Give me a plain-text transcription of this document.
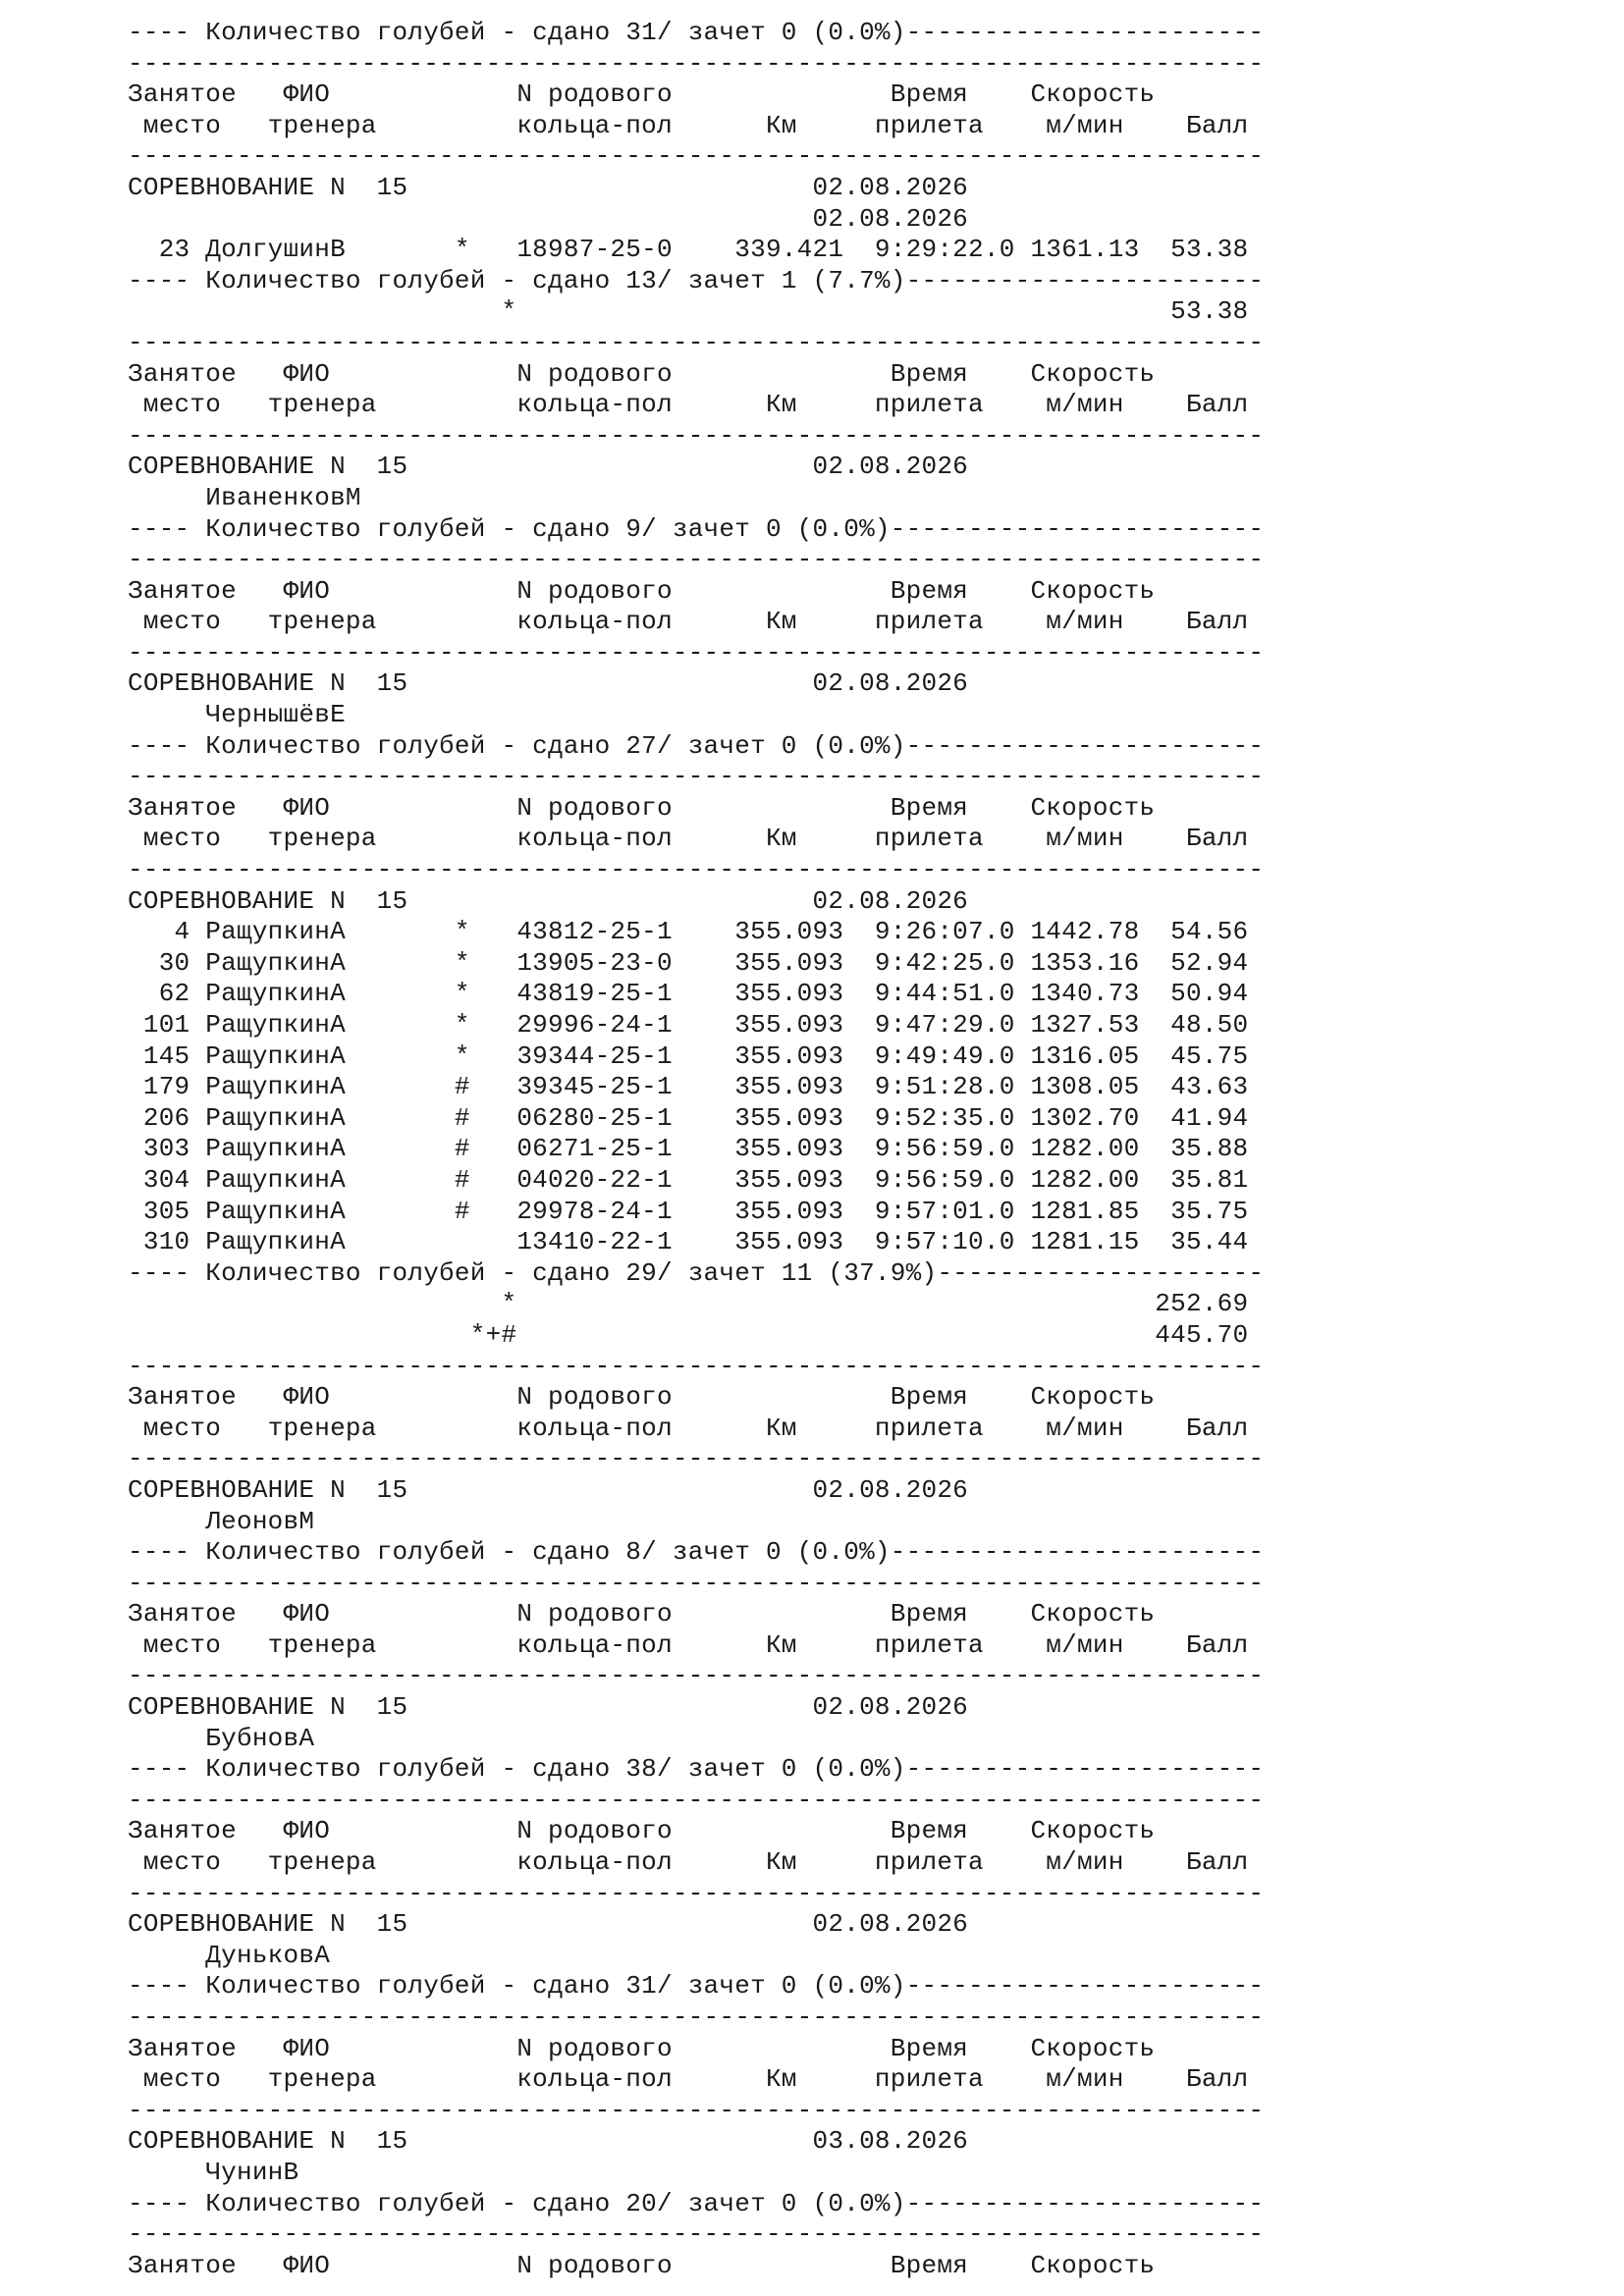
---- Количество голубей - сдано 31/ зачет 0 (0.0%)-----------------------
-------------------------------------------------------------------------
Занятое   ФИО            N родового              Время    Скорость
место   тренера         кольца-пол      Км     прилета    м/мин    Балл
-------------------------------------------------------------------------
СОРЕВНОВАНИЕ N  15                          02.08.2026
02.08.2026
23 ДолгушинВ       *   18987-25-0    339.421  9:29:22.0 1361.13  53.38
---- Количество голубей - сдано 13/ зачет 1 (7.7%)-----------------------
*                                          53.38
-------------------------------------------------------------------------
Занятое   ФИО            N родового              Время    Скорость
место   тренера         кольца-пол      Км     прилета    м/мин    Балл
-------------------------------------------------------------------------
СОРЕВНОВАНИЕ N  15                          02.08.2026
ИваненковМ
---- Количество голубей - сдано 9/ зачет 0 (0.0%)------------------------
-------------------------------------------------------------------------
Занятое   ФИО            N родового              Время    Скорость
место   тренера         кольца-пол      Км     прилета    м/мин    Балл
-------------------------------------------------------------------------
СОРЕВНОВАНИЕ N  15                          02.08.2026
ЧернышёвЕ
---- Количество голубей - сдано 27/ зачет 0 (0.0%)-----------------------
-------------------------------------------------------------------------
Занятое   ФИО            N родового              Время    Скорость
место   тренера         кольца-пол      Км     прилета    м/мин    Балл
-------------------------------------------------------------------------
СОРЕВНОВАНИЕ N  15                          02.08.2026
4 РащупкинА       *   43812-25-1    355.093  9:26:07.0 1442.78  54.56
30 РащупкинА       *   13905-23-0    355.093  9:42:25.0 1353.16  52.94
62 РащупкинА       *   43819-25-1    355.093  9:44:51.0 1340.73  50.94
101 РащупкинА       *   29996-24-1    355.093  9:47:29.0 1327.53  48.50
145 РащупкинА       *   39344-25-1    355.093  9:49:49.0 1316.05  45.75
179 РащупкинА       #   39345-25-1    355.093  9:51:28.0 1308.05  43.63
206 РащупкинА       #   06280-25-1    355.093  9:52:35.0 1302.70  41.94
303 РащупкинА       #   06271-25-1    355.093  9:56:59.0 1282.00  35.88
304 РащупкинА       #   04020-22-1    355.093  9:56:59.0 1282.00  35.81
305 РащупкинА       #   29978-24-1    355.093  9:57:01.0 1281.85  35.75
310 РащупкинА           13410-22-1    355.093  9:57:10.0 1281.15  35.44
---- Количество голубей - сдано 29/ зачет 11 (37.9%)---------------------
*                                         252.69
*+#                                         445.70
-------------------------------------------------------------------------
Занятое   ФИО            N родового              Время    Скорость
место   тренера         кольца-пол      Км     прилета    м/мин    Балл
-------------------------------------------------------------------------
СОРЕВНОВАНИЕ N  15                          02.08.2026
ЛеоновМ
---- Количество голубей - сдано 8/ зачет 0 (0.0%)------------------------
-------------------------------------------------------------------------
Занятое   ФИО            N родового              Время    Скорость
место   тренера         кольца-пол      Км     прилета    м/мин    Балл
-------------------------------------------------------------------------
СОРЕВНОВАНИЕ N  15                          02.08.2026
БубновА
---- Количество голубей - сдано 38/ зачет 0 (0.0%)-----------------------
-------------------------------------------------------------------------
Занятое   ФИО            N родового              Время    Скорость
место   тренера         кольца-пол      Км     прилета    м/мин    Балл
-------------------------------------------------------------------------
СОРЕВНОВАНИЕ N  15                          02.08.2026
ДуньковА
---- Количество голубей - сдано 31/ зачет 0 (0.0%)-----------------------
-------------------------------------------------------------------------
Занятое   ФИО            N родового              Время    Скорость
место   тренера         кольца-пол      Км     прилета    м/мин    Балл
-------------------------------------------------------------------------
СОРЕВНОВАНИЕ N  15                          03.08.2026
ЧунинВ
---- Количество голубей - сдано 20/ зачет 0 (0.0%)-----------------------
-------------------------------------------------------------------------
Занятое   ФИО            N родового              Время    Скорость
